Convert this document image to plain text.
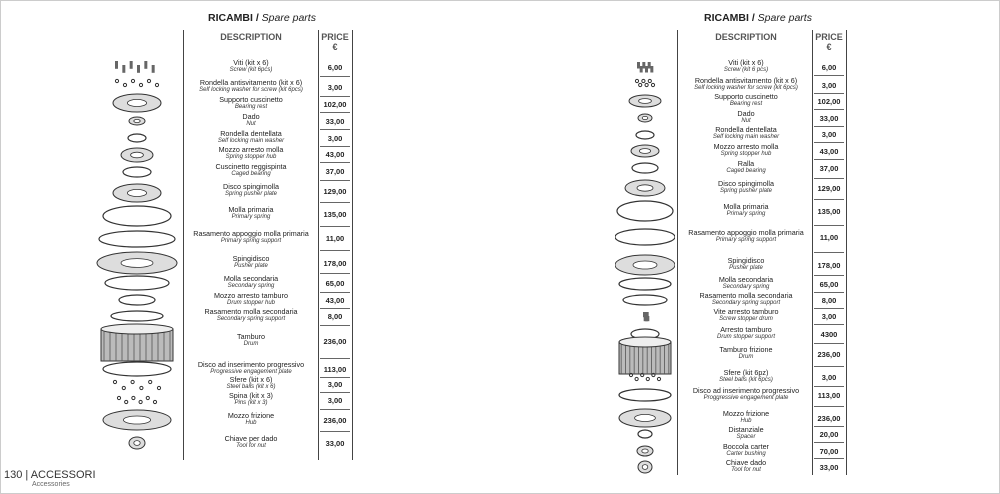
RICAMBI / Spare parts
DESCRIPTION	PRICE
€
Viti (kit x 6)
Screw (kit 6pcs)	6,00
Rondella antisvitamento (kit x 6)
Self locking washer for screw (kit 6pcs)	3,00
Supporto cuscinetto
Bearing rest	102,00
Dado
Nut	33,00
Rondella dentellata
Self locking main washer	3,00
Mozzo arresto molla
Spring stopper hub	43,00
Cuscinetto reggispinta
Caged bearing	37,00
Disco spingimolla
Spring pusher plate	129,00
Molla primaria
Primary spring	135,00
Rasamento appoggio molla primaria
Primary spring support	11,00
Spingidisco
Pusher plate	178,00
Molla secondaria
Secondary spring	65,00
Mozzo arresto tamburo
Drum stopper hub	43,00
Rasamento molla secondaria
Secondary spring support	8,00
Tamburo
Drum	236,00
Disco ad inserimento progressivo
Progressive engagement plate	113,00
Sfere (kit x 6)
Steel balls (kit x 6)	3,00
Spina (kit x 3)
Pins (kit x 3)	3,00
Mozzo frizione
Hub	236,00
Chiave per dado
Tool for nut	33,00
130 | ACCESSORI
Accessories
RICAMBI / Spare parts
DESCRIPTION	PRICE
€
Viti (kit x 6)
Screw (kit 6 pcs)	6,00
Rondella antisvitamento (kit x 6)
Self locking washer for screw (kit 6pcs)	3,00
Supporto cuscinetto
Bearing rest	102,00
Dado
Nut	33,00
Rondella dentellata
Self locking main washer	3,00
Mozzo arresto molla
Spring stopper hub	43,00
Ralla
Caged bearing	37,00
Disco spingimolla
Spring pusher plate	129,00
Molla primaria
Primary spring	135,00
Rasamento appoggio molla primaria
Primary spring support	11,00
Spingidisco
Pusher plate	178,00
Molla secondaria
Secondary spring	65,00
Rasamento molla secondaria
Secondary spring support	8,00
Vite arresto tamburo
Screw stopper drum	3,00
Arresto tamburo
Drum stopper support	4300
Tamburo frizione
Drum	236,00
Sfere (kit 6pz)
Steel balls (kit 6pcs)	3,00
Disco ad inserimento progressivo
Proggressive engagement plate	113,00
Mozzo frizione
Hub	236,00
Distanziale
Spacer	20,00
Boccola carter
Carter bushing	70,00
Chiave dado
Tool for nut	33,00
